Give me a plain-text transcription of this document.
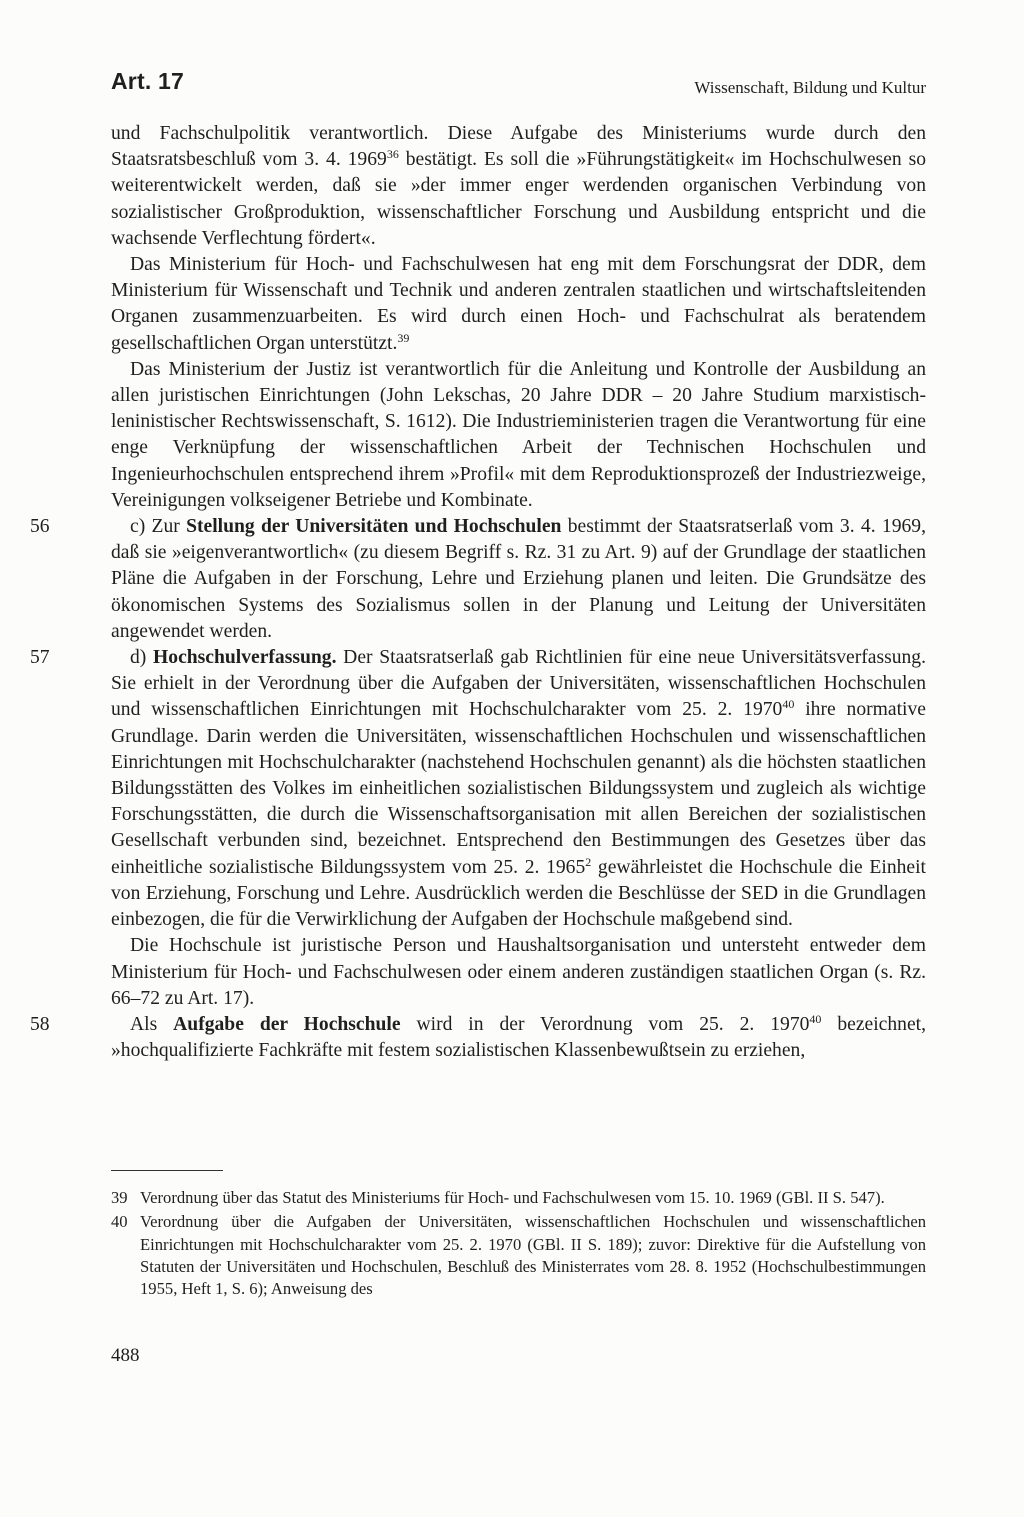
Art. 17	Wissenschaft, Bildung und Kultur

und Fachschulpolitik verantwortlich. Diese Aufgabe des Ministeriums wurde durch den Staatsratsbeschluß vom 3. 4. 1969$^{36}$ bestätigt. Es soll die »Führungstätigkeit« im Hochschulwesen so weiterentwickelt werden, daß sie »der immer enger werdenden organischen Verbindung von sozialistischer Großproduktion, wissenschaftlicher Forschung und Ausbildung entspricht und die wachsende Verflechtung fördert«.

Das Ministerium für Hoch- und Fachschulwesen hat eng mit dem Forschungsrat der DDR, dem Ministerium für Wissenschaft und Technik und anderen zentralen staatlichen und wirtschaftsleitenden Organen zusammenzuarbeiten. Es wird durch einen Hoch- und Fachschulrat als beratendem gesellschaftlichen Organ unterstützt.$^{39}$

Das Ministerium der Justiz ist verantwortlich für die Anleitung und Kontrolle der Ausbildung an allen juristischen Einrichtungen (John Lekschas, 20 Jahre DDR – 20 Jahre Studium marxistisch-leninistischer Rechtswissenschaft, S. 1612). Die Industrieministerien tragen die Verantwortung für eine enge Verknüpfung der wissenschaftlichen Arbeit der Technischen Hochschulen und Ingenieurhochschulen entsprechend ihrem »Profil« mit dem Reproduktionsprozeß der Industriezweige, Vereinigungen volkseigener Betriebe und Kombinate.

56	c) Zur Stellung der Universitäten und Hochschulen bestimmt der Staatsratserlaß vom 3. 4. 1969, daß sie »eigenverantwortlich« (zu diesem Begriff s. Rz. 31 zu Art. 9) auf der Grundlage der staatlichen Pläne die Aufgaben in der Forschung, Lehre und Erziehung planen und leiten. Die Grundsätze des ökonomischen Systems des Sozialismus sollen in der Planung und Leitung der Universitäten angewendet werden.

57	d) Hochschulverfassung. Der Staatsratserlaß gab Richtlinien für eine neue Universitätsverfassung. Sie erhielt in der Verordnung über die Aufgaben der Universitäten, wissenschaftlichen Hochschulen und wissenschaftlichen Einrichtungen mit Hochschulcharakter vom 25. 2. 1970$^{40}$ ihre normative Grundlage. Darin werden die Universitäten, wissenschaftlichen Hochschulen und wissenschaftlichen Einrichtungen mit Hochschulcharakter (nachstehend Hochschulen genannt) als die höchsten staatlichen Bildungsstätten des Volkes im einheitlichen sozialistischen Bildungssystem und zugleich als wichtige Forschungsstätten, die durch die Wissenschaftsorganisation mit allen Bereichen der sozialistischen Gesellschaft verbunden sind, bezeichnet. Entsprechend den Bestimmungen des Gesetzes über das einheitliche sozialistische Bildungssystem vom 25. 2. 1965$^2$ gewährleistet die Hochschule die Einheit von Erziehung, Forschung und Lehre. Ausdrücklich werden die Beschlüsse der SED in die Grundlagen einbezogen, die für die Verwirklichung der Aufgaben der Hochschule maßgebend sind.

Die Hochschule ist juristische Person und Haushaltsorganisation und untersteht entweder dem Ministerium für Hoch- und Fachschulwesen oder einem anderen zuständigen staatlichen Organ (s. Rz. 66–72 zu Art. 17).

58	Als Aufgabe der Hochschule wird in der Verordnung vom 25. 2. 1970$^{40}$ bezeichnet, »hochqualifizierte Fachkräfte mit festem sozialistischen Klassenbewußtsein zu erziehen,

39 Verordnung über das Statut des Ministeriums für Hoch- und Fachschulwesen vom 15. 10. 1969 (GBl. II S. 547).
40 Verordnung über die Aufgaben der Universitäten, wissenschaftlichen Hochschulen und wissenschaftlichen Einrichtungen mit Hochschulcharakter vom 25. 2. 1970 (GBl. II S. 189); zuvor: Direktive für die Aufstellung von Statuten der Universitäten und Hochschulen, Beschluß des Ministerrates vom 28. 8. 1952 (Hochschulbestimmungen 1955, Heft 1, S. 6); Anweisung des
488
